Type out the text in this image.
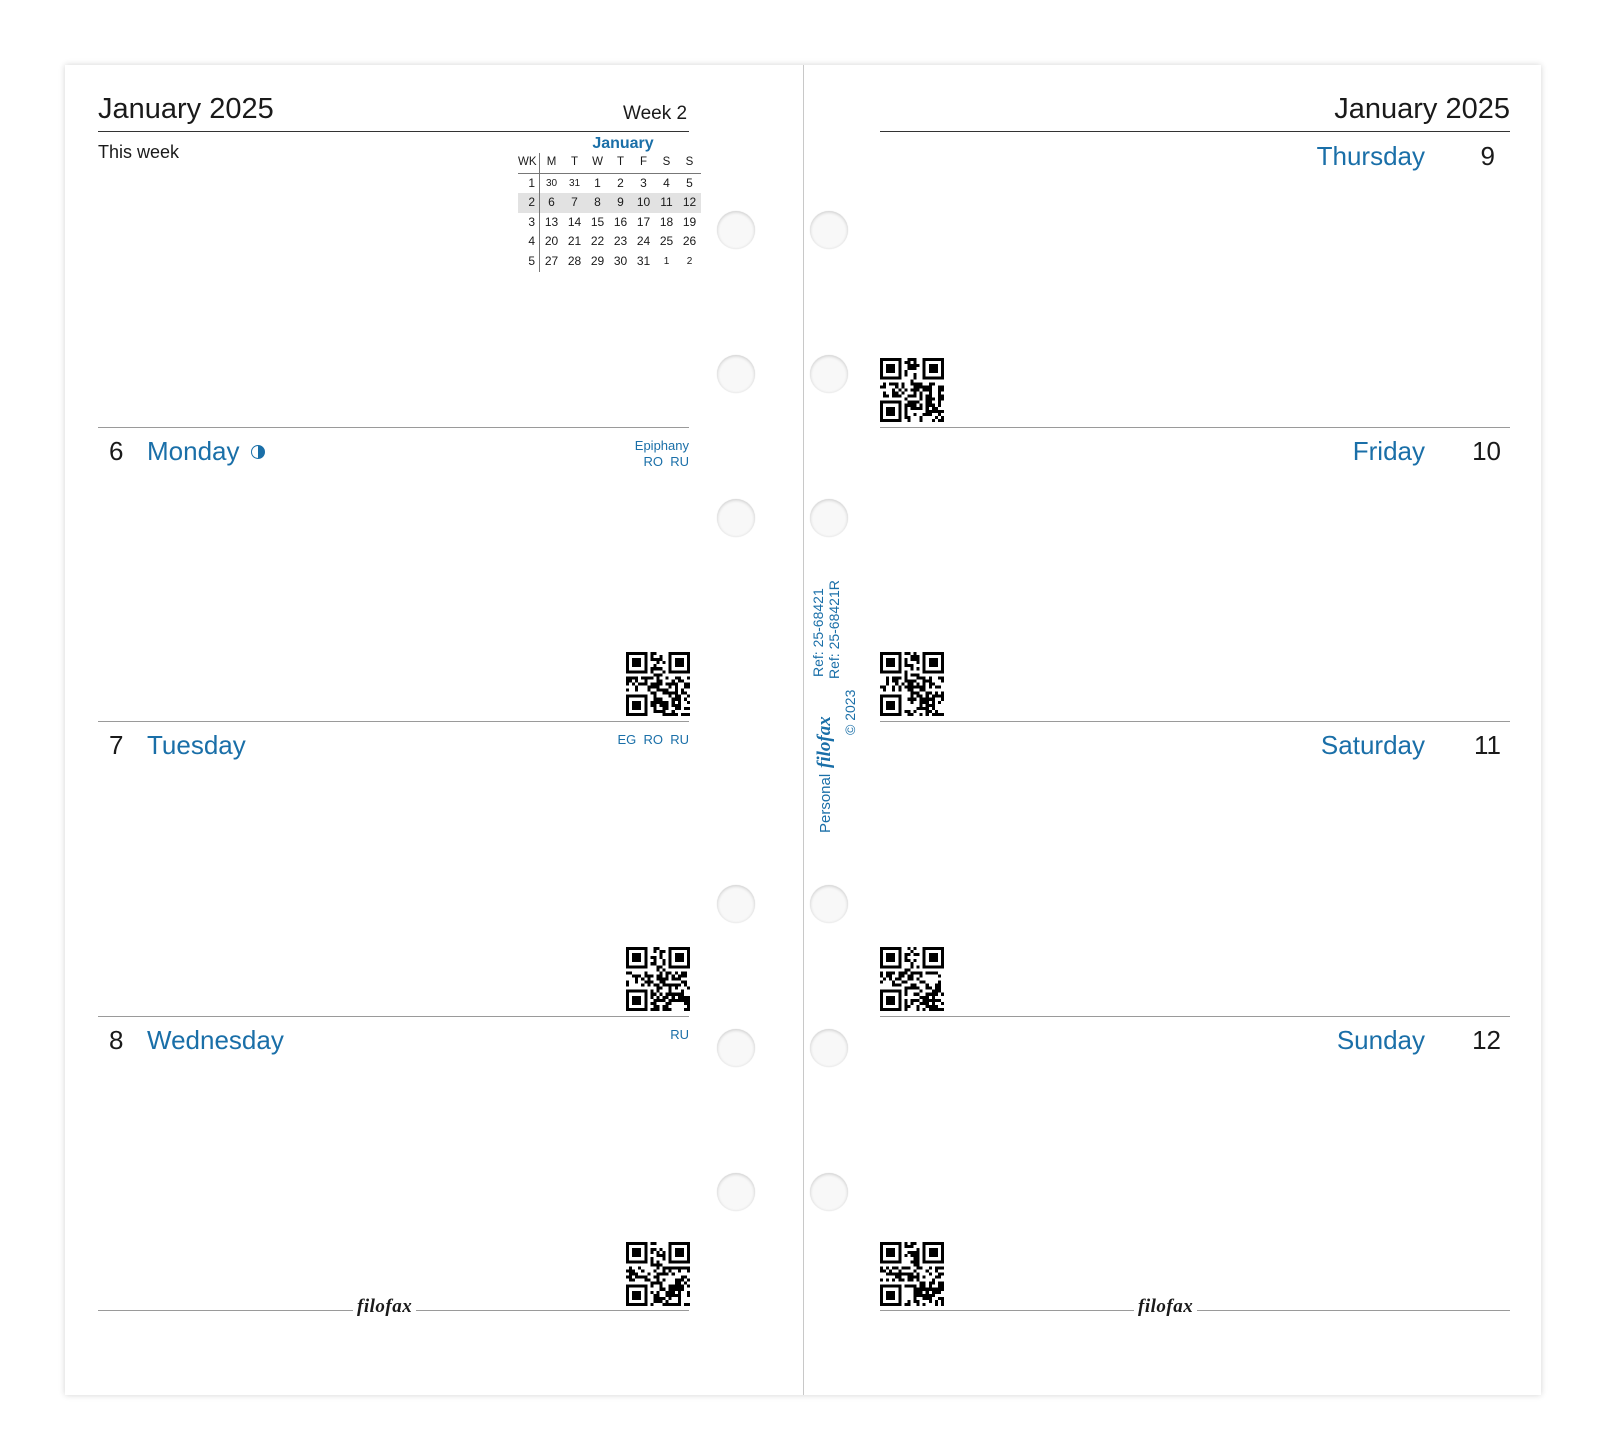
January 2025	Week 2
This week	January
WK M	T	W	T	F	S	S
1	30	31	1	2	3	4	5
2	6	7	8	9	10 11 12
3 13 14 15 16 17 18 19
4 20 21 22 23 24 25 26
5 27 28 29 30 31	1	2
filofax
6 Monday	Epiphany
RO  RU
7 Tuesday	EG  RO  RU
8 Wednesday	RU
January 2025
filofax
Thursday 9
Friday 10
Saturday 11
Sunday 12
Personal
filofax
Ref: 25-68421 Ref: 25-68421R
© 2023
